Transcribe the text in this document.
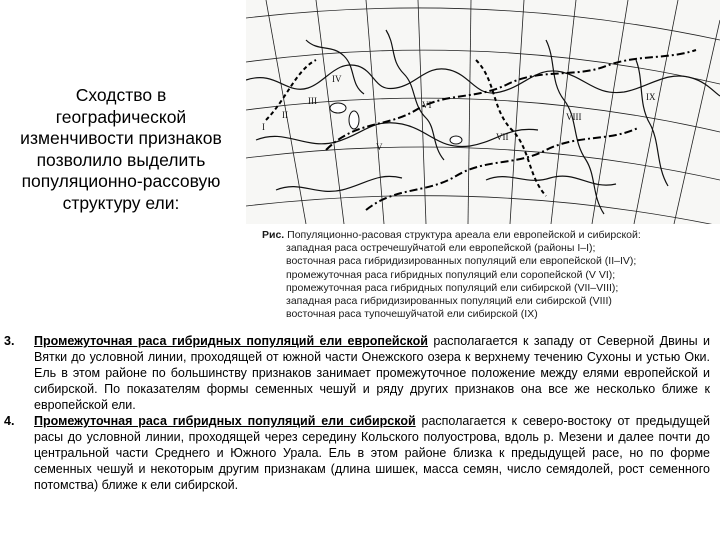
Сходство в
географической
изменчивости признаков
позволило выделить
популяционно-рассовую
структуру ели:
I
II
III
IV
V
VI
VII
VIII
IX
Рис. Популяционно-расовая структура ареала ели европейской и сибирской:
западная раса остречешуйчатой ели европейской (районы I–I);
восточная раса гибридизированных популяций ели европейской (II–IV);
промежуточная раса гибридных популяций ели соропейской (V VI);
промежуточная раса гибридных популяций ели сибирской (VII–VIII);
западная раса гибридизированных популяций ели сибирской (VIII)
восточная раса тупочешуйчатой ели сибирской (IX)
3. Промежуточная раса гибридных популяций ели европейской располагается к западу от Северной Двины и Вятки до условной линии, проходящей от южной части Онежского озера к верхнему течению Сухоны и устью Оки. Ель в этом районе по большинству признаков занимает промежуточное положение между елями европейской и сибирской. По показателям формы семенных чешуй и ряду других признаков она все же несколько ближе к европейской ели.
4. Промежуточная раса гибридных популяций ели сибирской располагается к северо-востоку от предыдущей расы до условной линии, проходящей через середину Кольского полуострова, вдоль р. Мезени и далее почти до центральной части Среднего и Южного Урала. Ель в этом районе близка к предыдущей расе, но по форме семенных чешуй и некоторым другим признакам (длина шишек, масса семян, число семядолей, рост семенного потомства) ближе к ели сибирской.
